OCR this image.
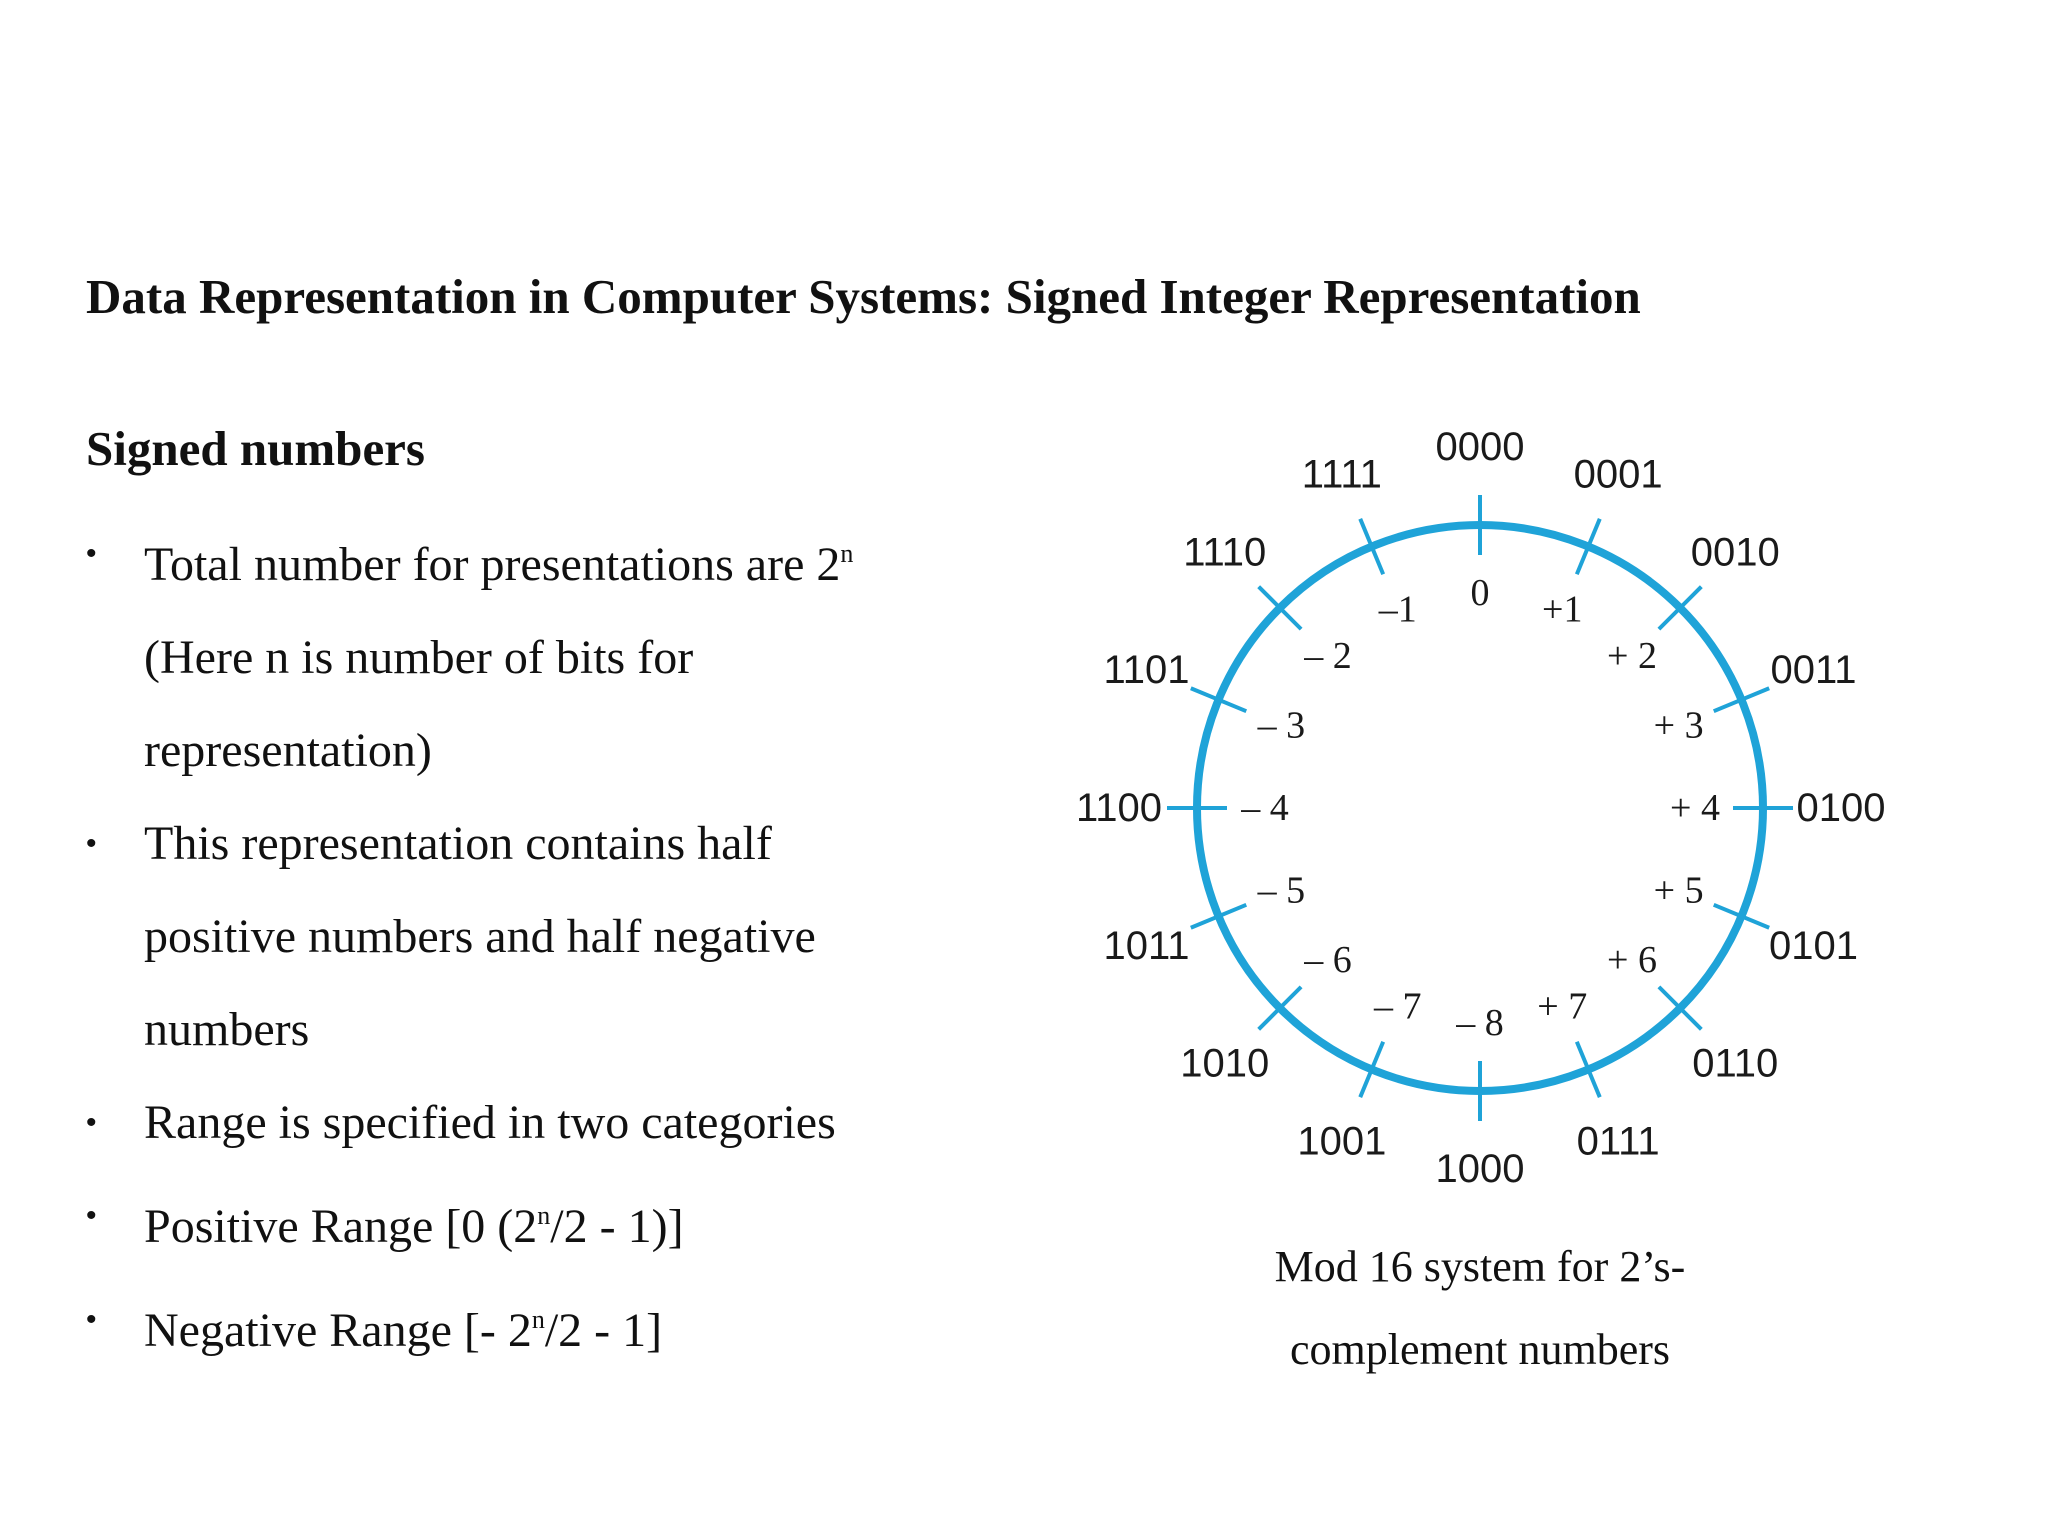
Data Representation in Computer Systems: Signed Integer Representation
Signed numbers
• Total number for presentations are 2$^n$
(Here n is number of bits for
representation)
• This representation contains half
positive numbers and half negative
numbers
• Range is specified in two categories
• Positive Range [0 (2$^n$/2 - 1)]
• Negative Range [- 2$^n$/2 - 1]
0000
0
0001
+1
0010
+ 2	0011
+ 3
0100
+ 4
0101
+ 5
0110
+ 6
0111
+ 7
1000
– 8
1001
– 7
1010
– 6
1011
– 5
1100 – 4
1101
– 3
1110
– 2
1111
–1
Mod 16 system for 2’s-
complement numbers
